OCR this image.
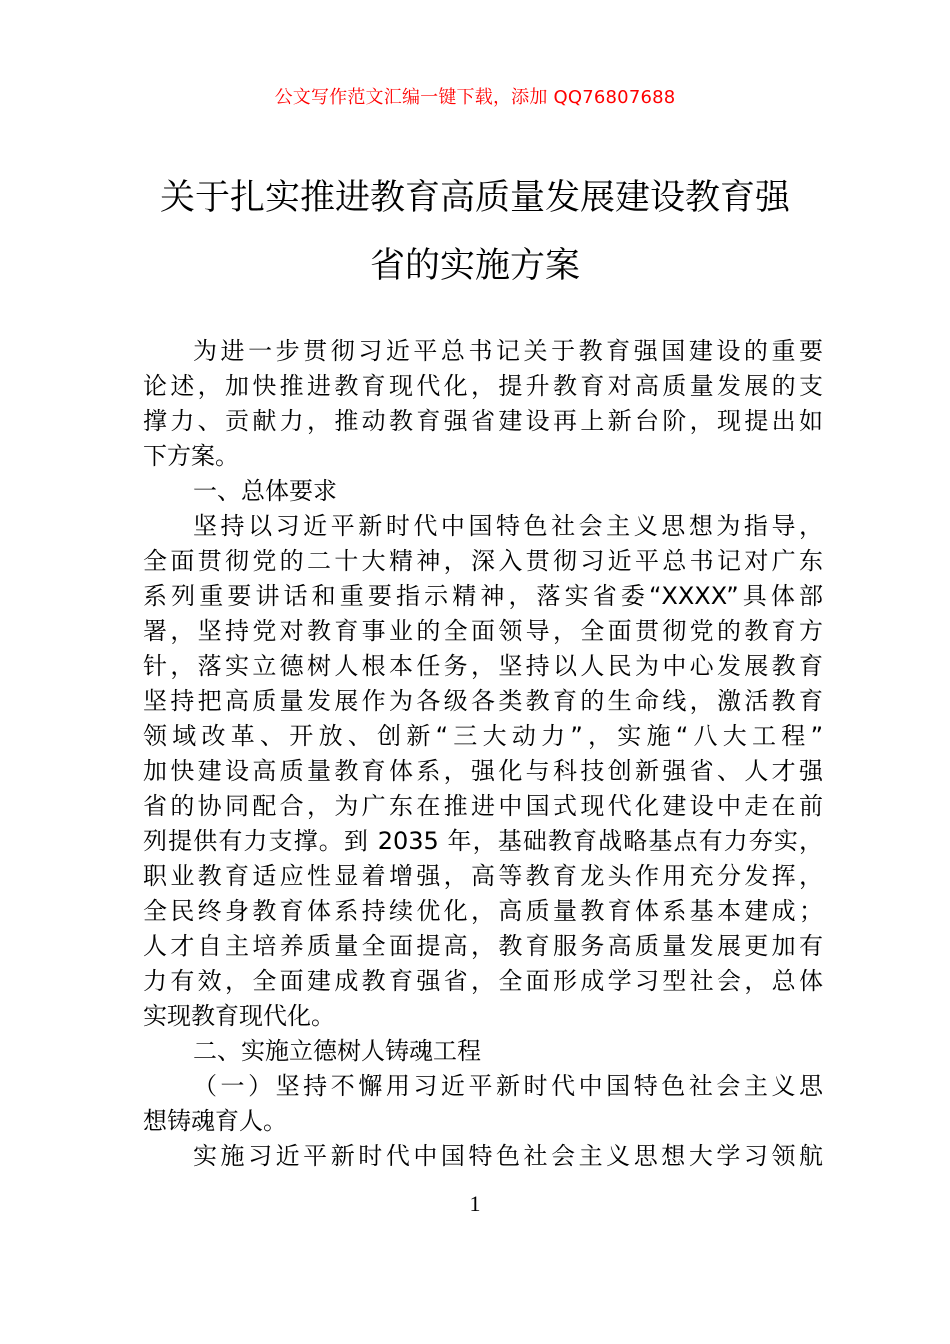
公文写作范文汇编一键下载，添加 QQ76807688
关于扎实推进教育高质量发展建设教育强
省的实施方案

为进一步贯彻习近平总书记关于教育强国建设的重要
论述，加快推进教育现代化，提升教育对高质量发展的支
撑力、贡献力，推动教育强省建设再上新台阶，现提出如
下方案。

一、总体要求

坚持以习近平新时代中国特色社会主义思想为指导，
全面贯彻党的二十大精神，深入贯彻习近平总书记对广东
系列重要讲话和重要指示精神，落实省委“XXXX”具体部
署，坚持党对教育事业的全面领导，全面贯彻党的教育方
针，落实立德树人根本任务，坚持以人民为中心发展教育
坚持把高质量发展作为各级各类教育的生命线，激活教育
领域改革、开放、创新“三大动力”，实施“八大工程”
加快建设高质量教育体系，强化与科技创新强省、人才强
省的协同配合，为广东在推进中国式现代化建设中走在前
列提供有力支撑。到 2035 年，基础教育战略基点有力夯实，
职业教育适应性显着增强，高等教育龙头作用充分发挥，
全民终身教育体系持续优化，高质量教育体系基本建成；
人才自主培养质量全面提高，教育服务高质量发展更加有
力有效，全面建成教育强省，全面形成学习型社会，总体
实现教育现代化。

二、实施立德树人铸魂工程

（一）坚持不懈用习近平新时代中国特色社会主义思
想铸魂育人。

实施习近平新时代中国特色社会主义思想大学习领航

1
